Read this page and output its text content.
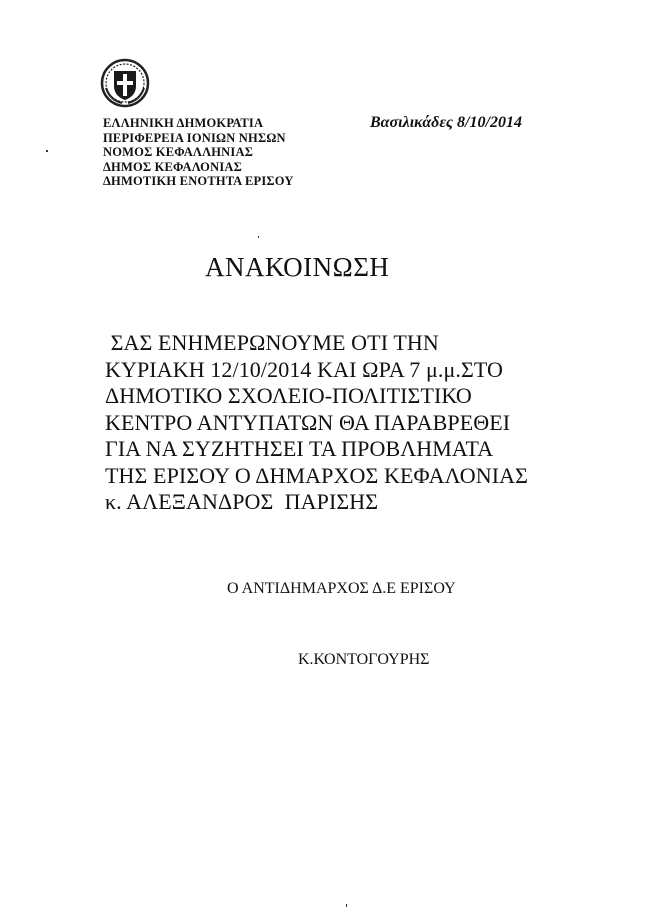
ΕΛΛΗΝΙΚΗ ΔΗΜΟΚΡΑΤΙΑ
ΠΕΡΙΦΕΡΕΙΑ ΙΟΝΙΩΝ ΝΗΣΩΝ
ΝΟΜΟΣ ΚΕΦΑΛΛΗΝΙΑΣ
ΔΗΜΟΣ ΚΕΦΑΛΟΝΙΑΣ
ΔΗΜΟΤΙΚΗ ΕΝΟΤΗΤΑ ΕΡΙΣΟΥ
Βασιλικάδες 8/10/2014
ΑΝΑΚΟΙΝΩΣΗ
ΣΑΣ ΕΝΗΜΕΡΩΝΟΥΜΕ ΟΤΙ ΤΗΝ
ΚΥΡΙΑΚΗ 12/10/2014 ΚΑΙ ΩΡΑ 7 μ.μ.ΣΤΟ
ΔΗΜΟΤΙΚΟ ΣΧΟΛΕΙΟ-ΠΟΛΙΤΙΣΤΙΚΟ
ΚΕΝΤΡΟ ΑΝΤΥΠΑΤΩΝ ΘΑ ΠΑΡΑΒΡΕΘΕΙ
ΓΙΑ ΝΑ ΣΥΖΗΤΗΣΕΙ ΤΑ ΠΡΟΒΛΗΜΑΤΑ
ΤΗΣ ΕΡΙΣΟΥ Ο ΔΗΜΑΡΧΟΣ ΚΕΦΑΛΟΝΙΑΣ
κ. ΑΛΕΞΑΝΔΡΟΣ  ΠΑΡΙΣΗΣ
Ο ΑΝΤΙΔΗΜΑΡΧΟΣ Δ.Ε ΕΡΙΣΟΥ
Κ.ΚΟΝΤΟΓΟΥΡΗΣ
